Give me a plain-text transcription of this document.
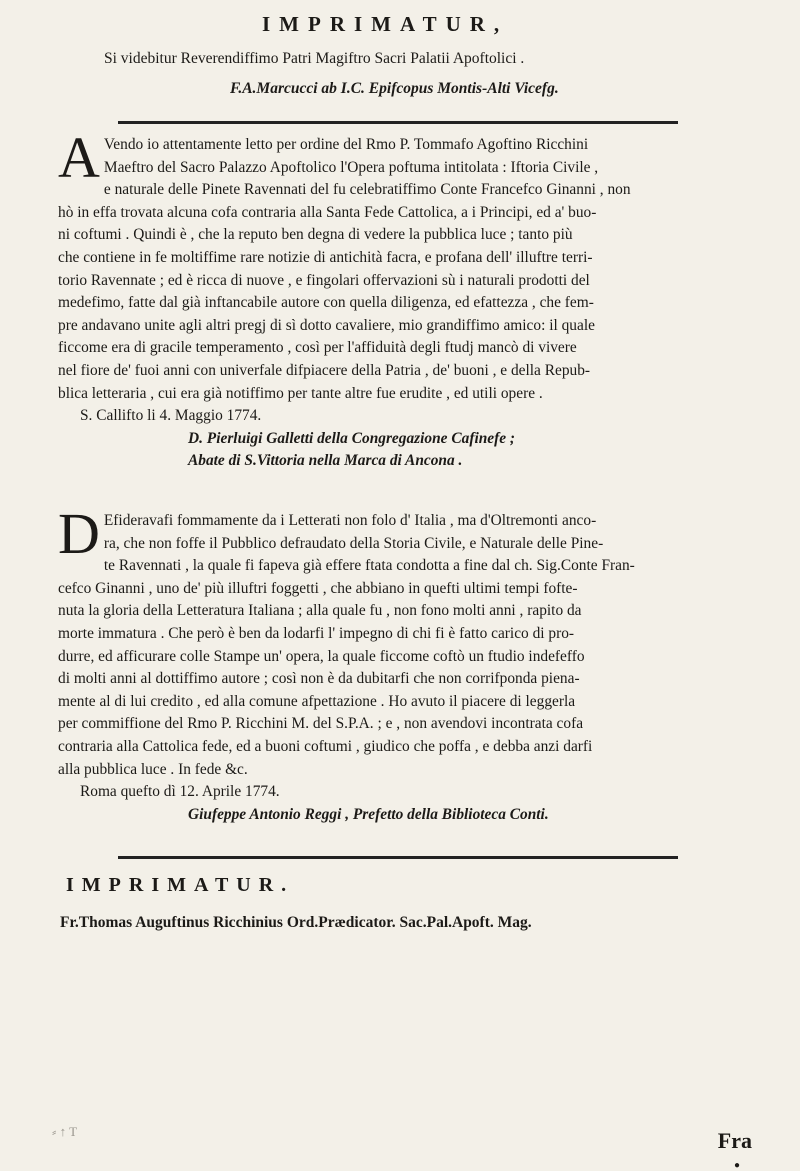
IMPRIMATUR,
Si videbitur Reverendiffimo Patri Magiftro Sacri Palatii Apoftolici .
F.A.Marcucci ab I.C. Epifcopus Montis-Alti Vicefg.
A Vendo io attentamente letto per ordine del Rmo P. Tommafo Agoftino Ricchini

Maeftro del Sacro Palazzo Apoftolico l'Opera poftuma intitolata : Iftoria Civile ,

e naturale delle Pinete Ravennati del fu celebratiffimo Conte Francefco Ginanni , non

hò in effa trovata alcuna cofa contraria alla Santa Fede Cattolica, a i Principi, ed a' buo-

ni coftumi . Quindi è , che la reputo ben degna di vedere la pubblica luce ; tanto più

che contiene in fe moltiffime rare notizie di antichità facra, e profana dell' illuftre terri-

torio Ravennate ; ed è ricca di nuove , e fingolari offervazioni sù i naturali prodotti del

medefimo, fatte dal già inftancabile autore con quella diligenza, ed efattezza , che fem-

pre andavano unite agli altri pregj di sì dotto cavaliere, mio grandiffimo amico: il quale

ficcome era di gracile temperamento , così per l'affiduità degli ftudj mancò di vivere

nel fiore de' fuoi anni con univerfale difpiacere della Patria , de' buoni , e della Repub-

blica letteraria , cui era già notiffimo per tante altre fue erudite , ed utili opere .

S. Callifto li 4. Maggio 1774.

D. Pierluigi Galletti della Congregazione Cafinefe ;

Abate di S.Vittoria nella Marca di Ancona .

D Efideravafi fommamente da i Letterati non folo d' Italia , ma d'Oltremonti anco-

ra, che non foffe il Pubblico defraudato della Storia Civile, e Naturale delle Pine-

te Ravennati , la quale fi fapeva già effere ftata condotta a fine dal ch. Sig.Conte Fran-

cefco Ginanni , uno de' più illuftri foggetti , che abbiano in quefti ultimi tempi fofte-

nuta la gloria della Letteratura Italiana ; alla quale fu , non fono molti anni , rapito da

morte immatura . Che però è ben da lodarfi l' impegno di chi fi è fatto carico di pro-

durre, ed afficurare colle Stampe un' opera, la quale ficcome coftò un ftudio indefeffo

di molti anni al dottiffimo autore ; così non è da dubitarfi che non corrifponda piena-

mente al di lui credito , ed alla comune afpettazione . Ho avuto il piacere di leggerla

per commiffione del Rmo P. Ricchini M. del S.P.A. ; e , non avendovi incontrata cofa

contraria alla Cattolica fede, ed a buoni coftumi , giudico che poffa , e debba anzi darfi

alla pubblica luce . In fede &c.

Roma quefto dì 12. Aprile 1774.

Giufeppe Antonio Reggi , Prefetto della Biblioteca Conti.

IMPRIMATUR.
Fr.Thomas Auguftinus Ricchinius Ord.Prædicator. Sac.Pal.Apoft. Mag.
⸗ ↑ T	Fra
●
